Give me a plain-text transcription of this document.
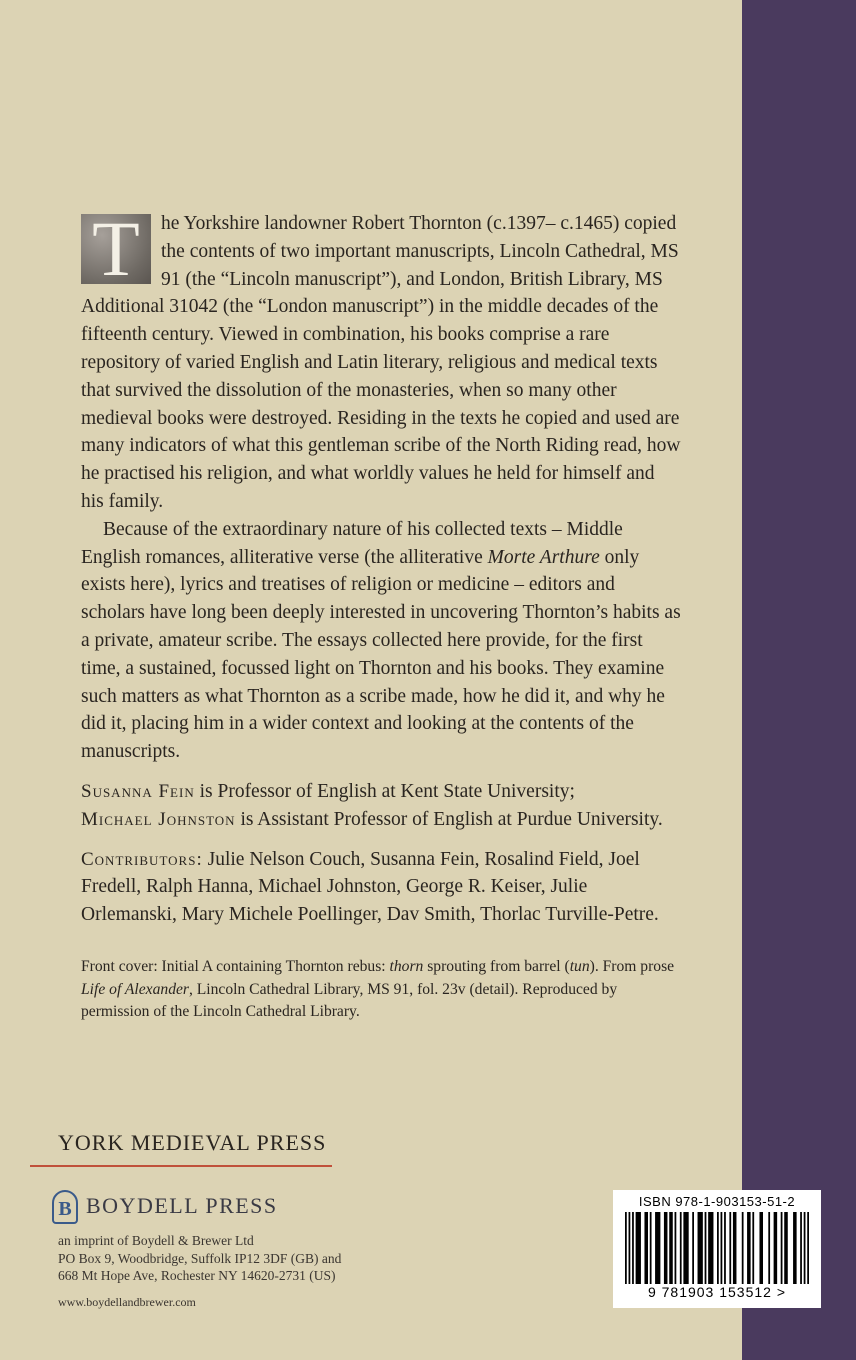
T	he Yorkshire landowner Robert Thornton (c.1397– c.1465) copied the contents of two important manuscripts, Lincoln Cathedral, MS 91 (the “Lincoln manuscript”), and London, British Library, MS Additional 31042 (the “London manuscript”) in the middle decades of the fifteenth century. Viewed in combination, his books comprise a rare repository of varied English and Latin literary, religious and medical texts that survived the dissolution of the monasteries, when so many other medieval books were destroyed. Residing in the texts he copied and used are many indicators of what this gentleman scribe of the North Riding read, how he practised his religion, and what worldly values he held for himself and his family.

Because of the extraordinary nature of his collected texts – Middle English romances, alliterative verse (the alliterative Morte Arthure only exists here), lyrics and treatises of religion or medicine – editors and scholars have long been deeply interested in uncovering Thornton’s habits as a private, amateur scribe. The essays collected here provide, for the first time, a sustained, focussed light on Thornton and his books. They examine such matters as what Thornton as a scribe made, how he did it, and why he did it, placing him in a wider context and looking at the contents of the manuscripts.

Susanna Fein is Professor of English at Kent State University;
Michael Johnston is Assistant Professor of English at Purdue University.

Contributors: Julie Nelson Couch, Susanna Fein, Rosalind Field, Joel Fredell, Ralph Hanna, Michael Johnston, George R. Keiser, Julie Orlemanski, Mary Michele Poellinger, Dav Smith, Thorlac Turville-Petre.

Front cover: Initial A containing Thornton rebus: thorn sprouting from barrel (tun). From prose Life of Alexander, Lincoln Cathedral Library, MS 91, fol. 23v (detail). Reproduced by permission of the Lincoln Cathedral Library.
YORK MEDIEVAL PRESS
B BOYDELL PRESS
an imprint of Boydell & Brewer Ltd
PO Box 9, Woodbridge, Suffolk IP12 3DF (GB) and
668 Mt Hope Ave, Rochester NY 14620-2731 (US)
www.boydellandbrewer.com
ISBN 978-1-903153-51-2
9 781903 153512 >
